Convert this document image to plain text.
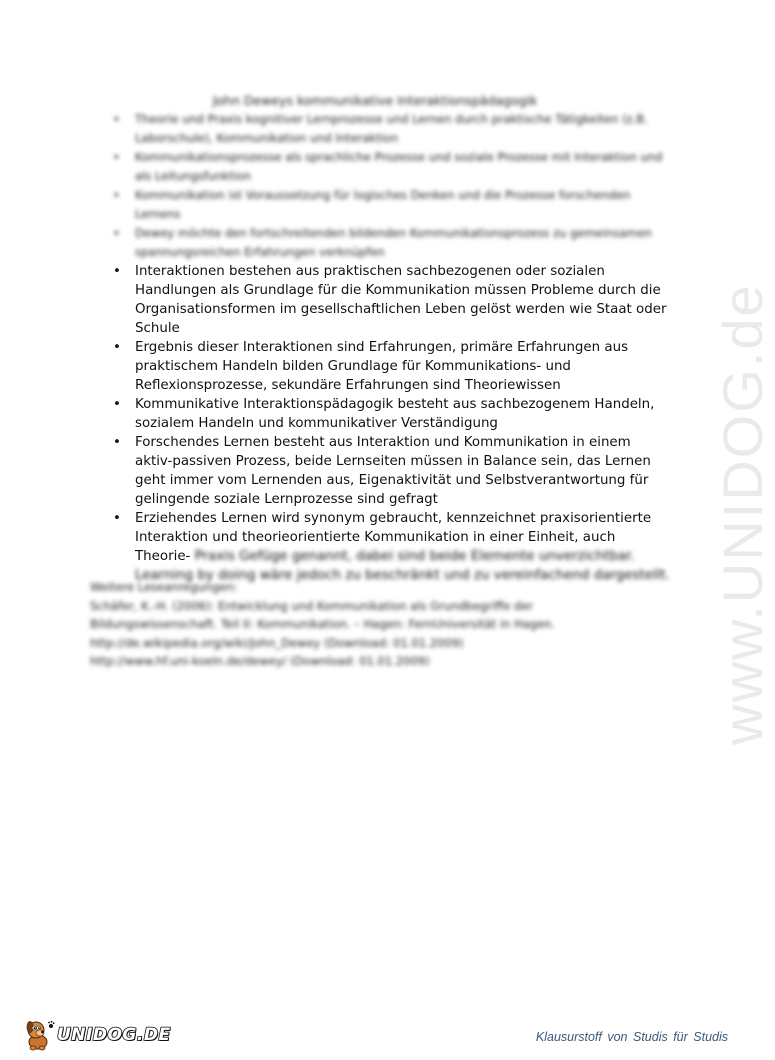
John Deweys kommunikative Interaktionspädagogik
• Theorie und Praxis kognitiver Lernprozesse und Lernen durch praktische Tätigkeiten (z.B. Laborschule), Kommunikation und Interaktion
• Kommunikationsprozesse als sprachliche Prozesse und soziale Prozesse mit Interaktion und als Leitungsfunktion
• Kommunikation ist Voraussetzung für logisches Denken und die Prozesse forschenden Lernens
• Dewey möchte den fortschreitenden bildenden Kommunikationsprozess zu gemeinsamen spannungsreichen Erfahrungen verknüpfen
• Interaktionen bestehen aus praktischen sachbezogenen oder sozialen Handlungen als Grundlage für die Kommunikation müssen Probleme durch die Organisationsformen im gesellschaftlichen Leben gelöst werden wie Staat oder Schule
• Ergebnis dieser Interaktionen sind Erfahrungen, primäre Erfahrungen aus praktischem Handeln bilden Grundlage für Kommunikations- und Reflexionsprozesse, sekundäre Erfahrungen sind Theoriewissen
• Kommunikative Interaktionspädagogik besteht aus sachbezogenem Handeln, sozialem Handeln und kommunikativer Verständigung
• Forschendes Lernen besteht aus Interaktion und Kommunikation in einem aktiv-passiven Prozess, beide Lernseiten müssen in Balance sein, das Lernen geht immer vom Lernenden aus, Eigenaktivität und Selbstverantwortung für gelingende soziale Lernprozesse sind gefragt
• Erziehendes Lernen wird synonym gebraucht, kennzeichnet praxisorientierte Interaktion und theorieorientierte Kommunikation in einer Einheit, auch Theorie- Praxis Gefüge genannt, dabei sind beide Elemente unverzichtbar. Learning by doing wäre jedoch zu beschränkt und zu vereinfachend dargestellt.
Weitere Leseanregungen:
Schäfer, K.-H. (2006): Entwicklung und Kommunikation als Grundbegriffe der
Bildungswissenschaft. Teil II: Kommunikation. – Hagen: FernUniversität in Hagen.
http://de.wikipedia.org/wiki/John_Dewey (Download: 01.01.2009)
http://www.hf.uni-koeln.de/dewey/ (Download: 01.01.2009)	www.UNIDOG.de
UNIDOG.DE	Klausurstoff von Studis für Studis
